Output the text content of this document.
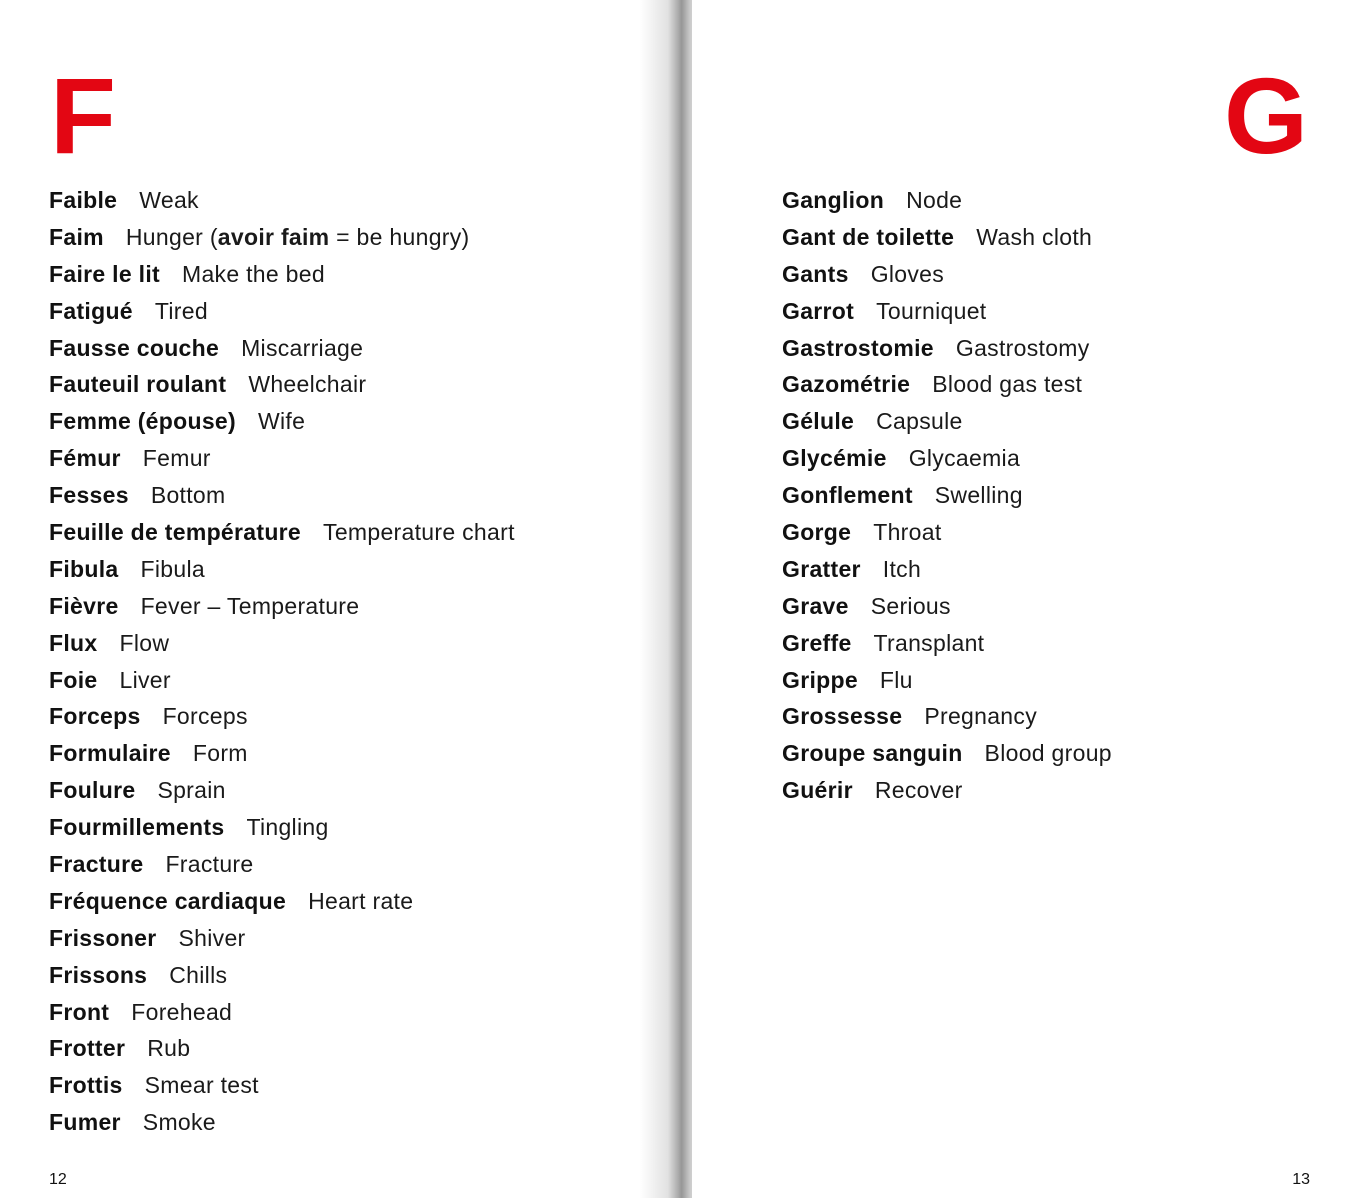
F
Faible Weak
Faim Hunger (avoir faim = be hungry)
Faire le lit Make the bed
Fatigué Tired
Fausse couche Miscarriage
Fauteuil roulant Wheelchair
Femme (épouse) Wife
Fémur Femur
Fesses Bottom
Feuille de température Temperature chart
Fibula Fibula
Fièvre Fever – Temperature
Flux Flow
Foie Liver
Forceps Forceps
Formulaire Form
Foulure Sprain
Fourmillements Tingling
Fracture Fracture
Fréquence cardiaque Heart rate
Frissoner Shiver
Frissons Chills
Front Forehead
Frotter Rub
Frottis Smear test
Fumer Smoke
12
G
Ganglion Node
Gant de toilette Wash cloth
Gants Gloves
Garrot Tourniquet
Gastrostomie Gastrostomy
Gazométrie Blood gas test
Gélule Capsule
Glycémie Glycaemia
Gonflement Swelling
Gorge Throat
Gratter Itch
Grave Serious
Greffe Transplant
Grippe Flu
Grossesse Pregnancy
Groupe sanguin Blood group
Guérir Recover
13
